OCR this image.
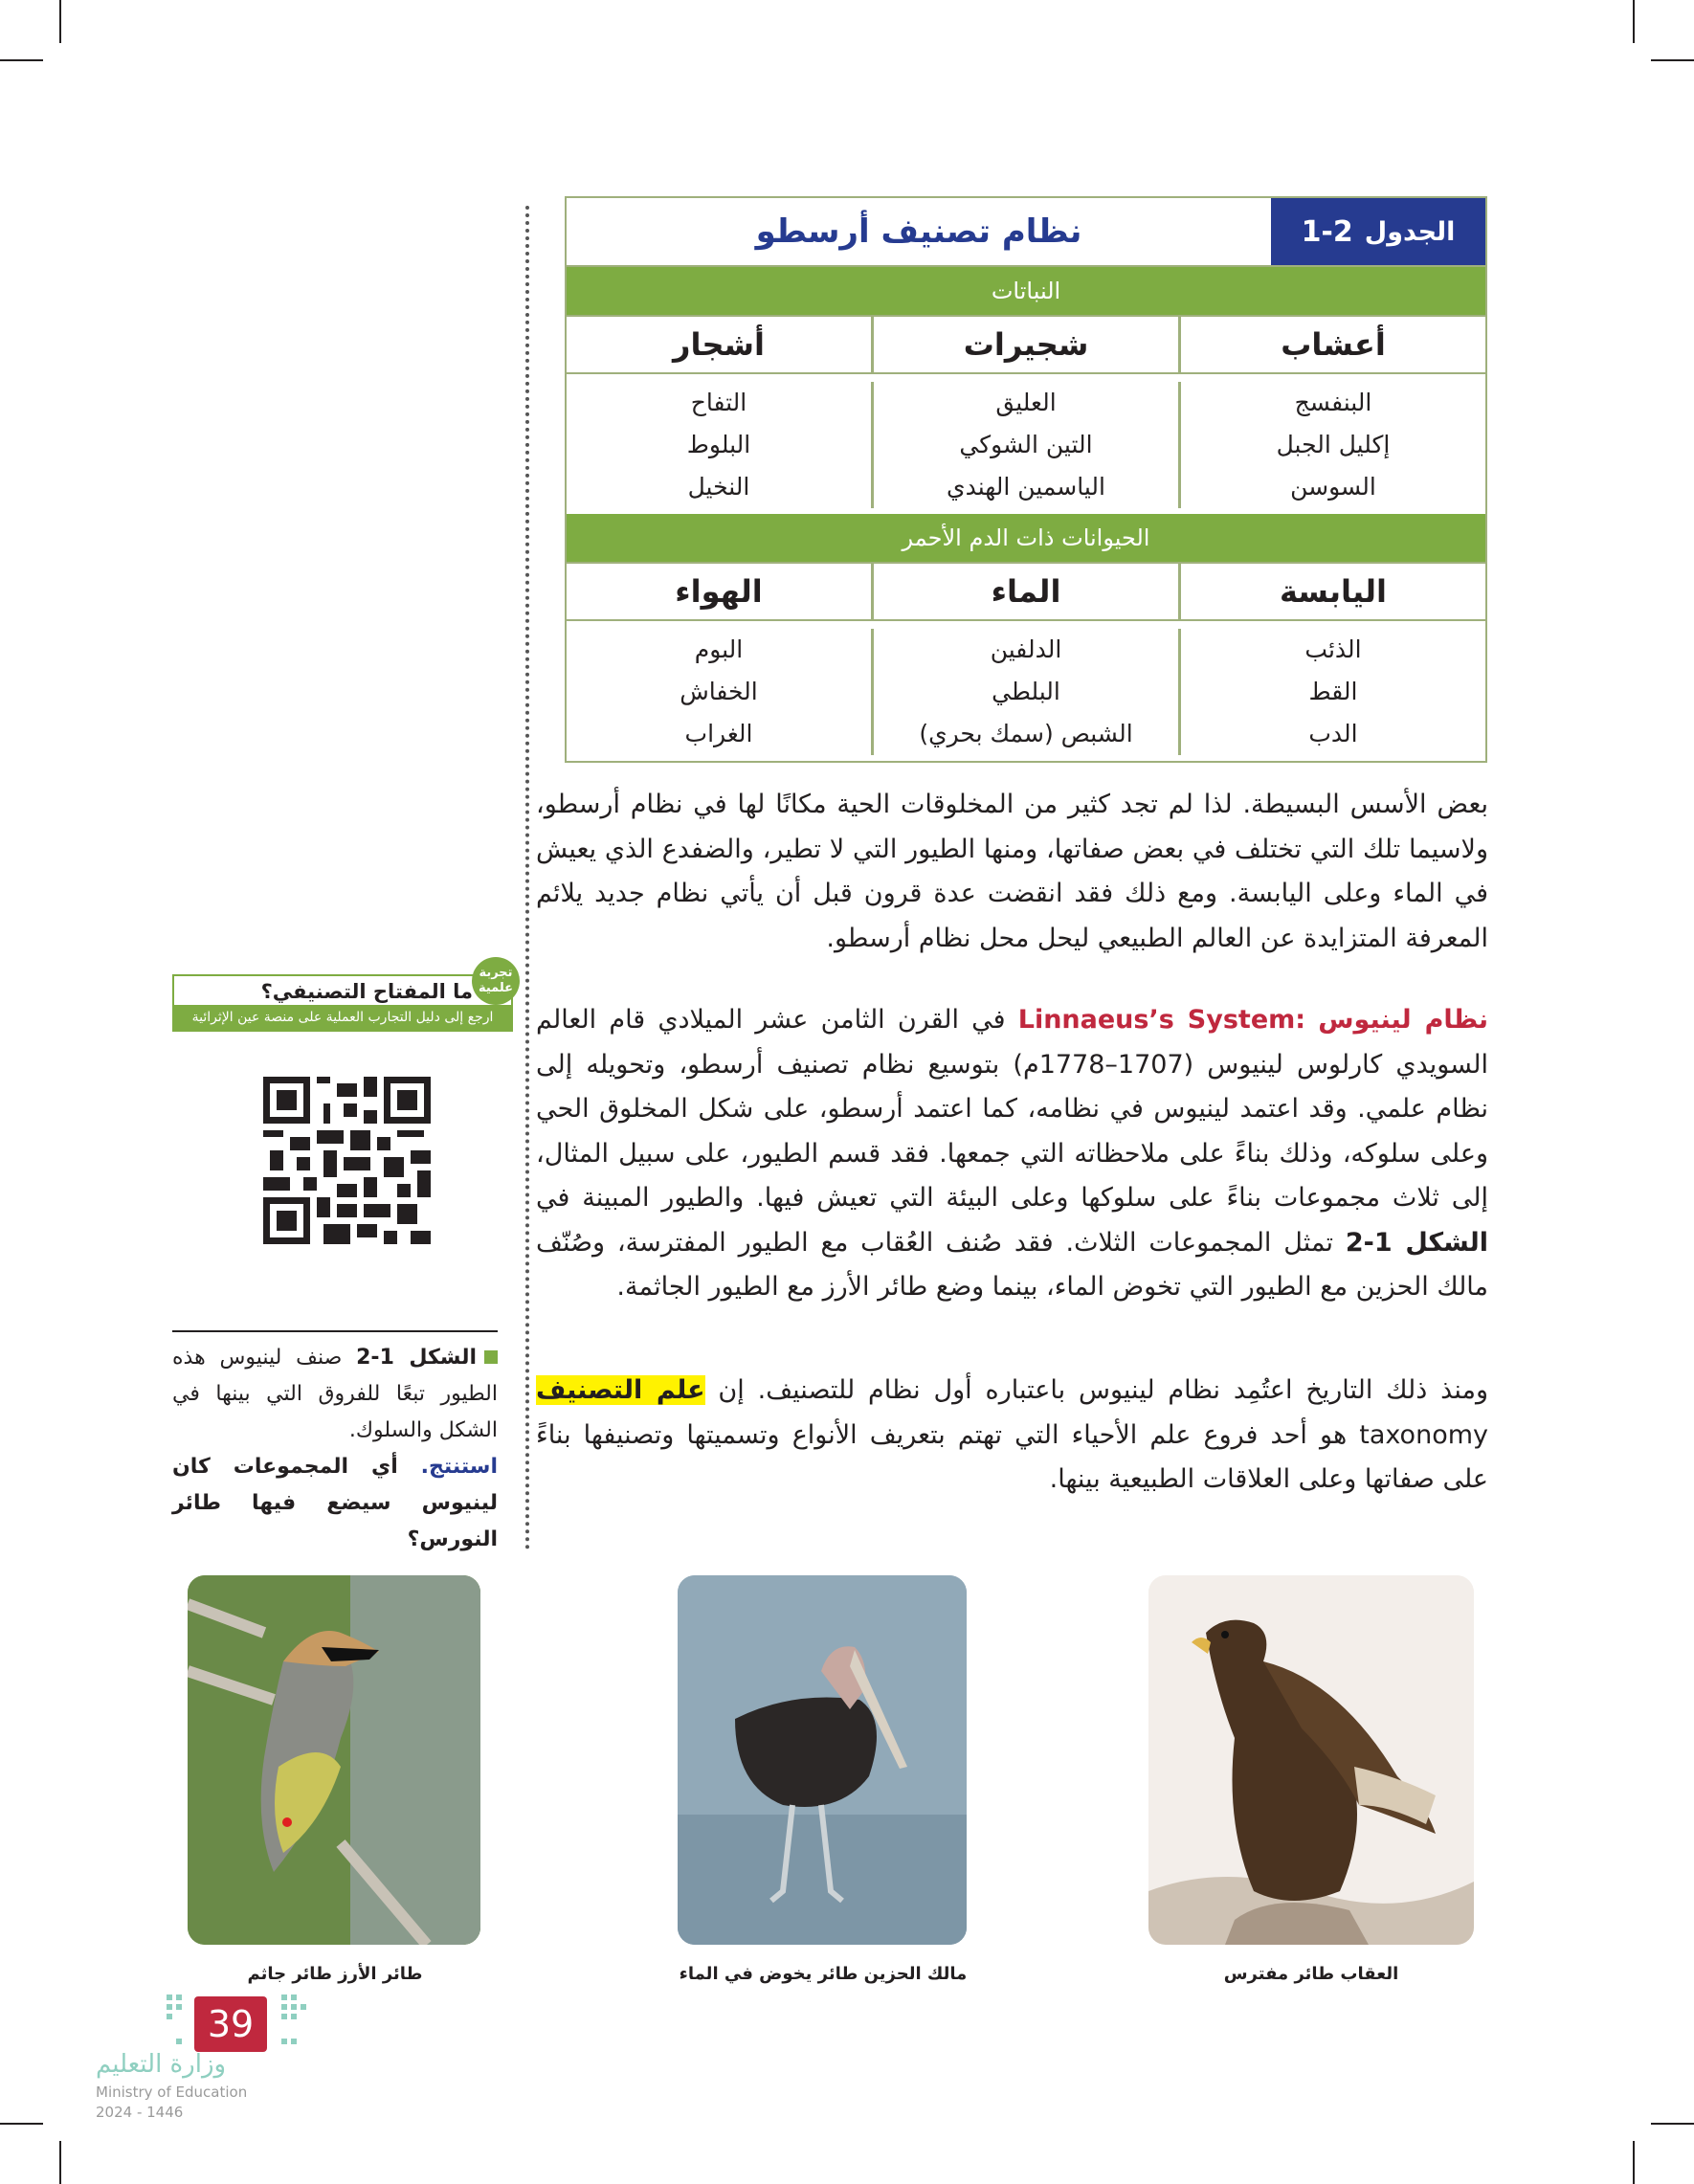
نظام تصنيف أرسطو	الجدول
1-2
النباتات
أعشاب
شجيرات
أشجار
البنفسج
إكليل الجبل
السوسن
العليق
التين الشوكي
الياسمين الهندي
التفاح
البلوط
النخيل
الحيوانات ذات الدم الأحمر
اليابسة
الماء
الهواء
الذئب
القط
الدب
الدلفين
البلطي
الشبص (سمك بحري)
البوم
الخفاش
الغراب

بعض الأسس البسيطة. لذا لم تجد كثير من المخلوقات الحية مكانًا لها في نظام أرسطو، ولاسيما تلك التي تختلف في بعض صفاتها، ومنها الطيور التي لا تطير، والضفدع الذي يعيش في الماء وعلى اليابسة. ومع ذلك فقد انقضت عدة قرون قبل أن يأتي نظام جديد يلائم المعرفة المتزايدة عن العالم الطبيعي ليحل محل نظام أرسطو.

نظام لينيوس Linnaeus’s System: في القرن الثامن عشر الميلادي قام العالم السويدي كارلوس لينيوس (1707–1778م) بتوسيع نظام تصنيف أرسطو، وتحويله إلى نظام علمي. وقد اعتمد لينيوس في نظامه، كما اعتمد أرسطو، على شكل المخلوق الحي وعلى سلوكه، وذلك بناءً على ملاحظاته التي جمعها. فقد قسم الطيور، على سبيل المثال، إلى ثلاث مجموعات بناءً على سلوكها وعلى البيئة التي تعيش فيها. والطيور المبينة في الشكل 1-2 تمثل المجموعات الثلاث. فقد صُنف العُقاب مع الطيور المفترسة، وصُنّف مالك الحزين مع الطيور التي تخوض الماء، بينما وضع طائر الأرز مع الطيور الجاثمة.

ومنذ ذلك التاريخ اعتُمِد نظام لينيوس باعتباره أول نظام للتصنيف. إن علم التصنيف taxonomy هو أحد فروع علم الأحياء التي تهتم بتعريف الأنواع وتسميتها وتصنيفها بناءً على صفاتها وعلى العلاقات الطبيعية بينها.

ما المفتاح التصنيفي؟
ارجع إلى دليل التجارب العملية على منصة عين الإثرائية
تجربة علمية
الشكل 1-2 صنف لينيوس هذه الطيور تبعًا للفروق التي بينها في الشكل والسلوك.
استنتج. أي المجموعات كان لينيوس سيضع فيها طائر النورس؟
العقاب طائر مفترس
مالك الحزين طائر يخوض في الماء
طائر الأرز طائر جاثم
39
وزارة التعليم
Ministry of Education
2024 - 1446
